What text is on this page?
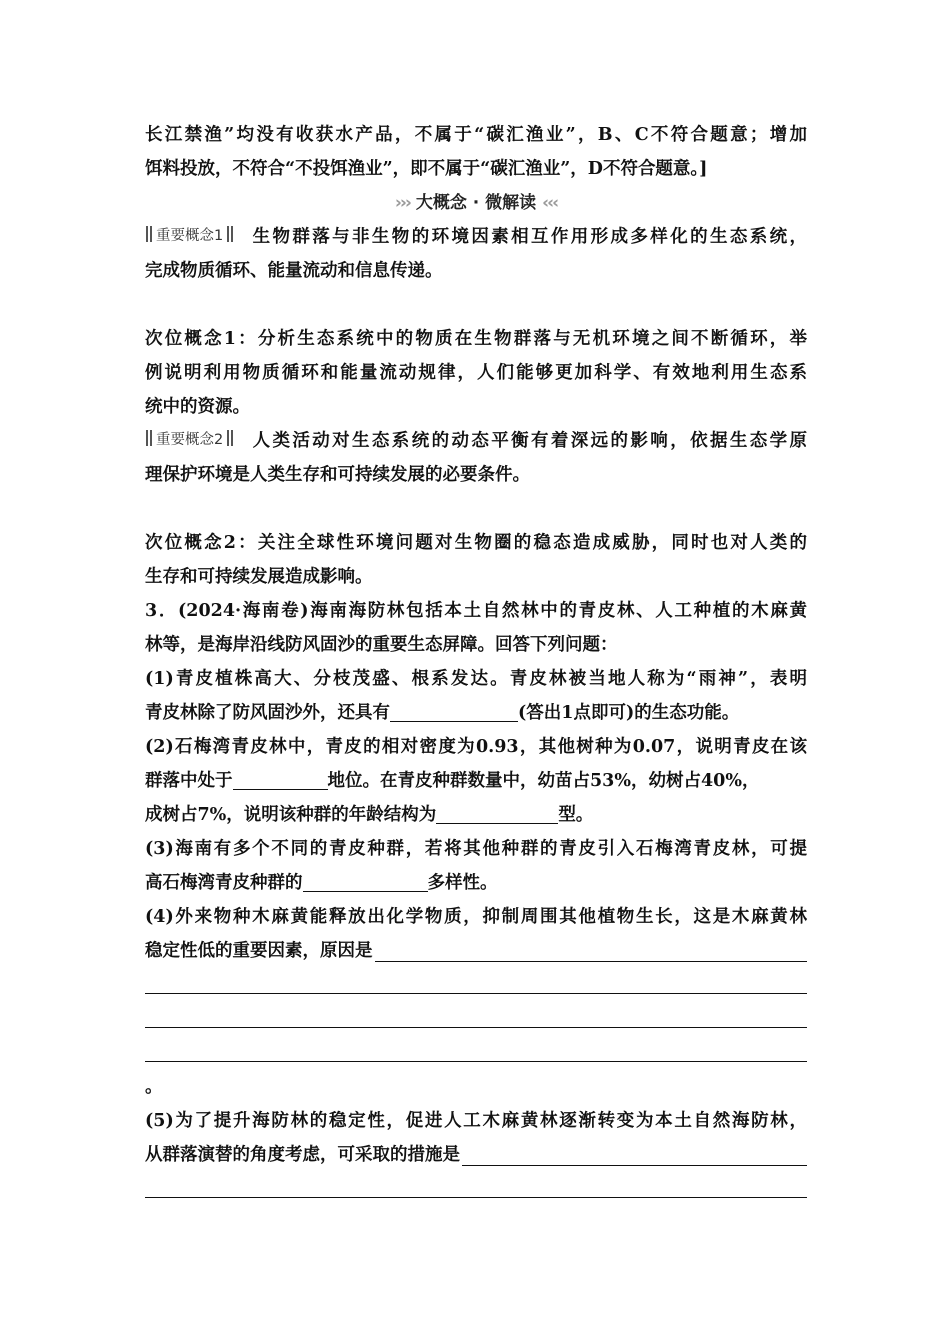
长江禁渔”均没有收获水产品，不属于“碳汇渔业”，B、C不符合题意；增加
饵料投放，不符合“不投饵渔业”，即不属于“碳汇渔业”，D不符合题意。]
››› 大概念 · 微解读 ‹‹‹
重要概念1 生物群落与非生物的环境因素相互作用形成多样化的生态系统，
完成物质循环、能量流动和信息传递。
次位概念1：分析生态系统中的物质在生物群落与无机环境之间不断循环，举
例说明利用物质循环和能量流动规律，人们能够更加科学、有效地利用生态系
统中的资源。
重要概念2 人类活动对生态系统的动态平衡有着深远的影响，依据生态学原
理保护环境是人类生存和可持续发展的必要条件。
次位概念2：关注全球性环境问题对生物圈的稳态造成威胁，同时也对人类的
生存和可持续发展造成影响。
3．(2024·海南卷)海南海防林包括本土自然林中的青皮林、人工种植的木麻黄
林等，是海岸沿线防风固沙的重要生态屏障。回答下列问题：
(1)青皮植株高大、分枝茂盛、根系发达。青皮林被当地人称为“雨神”，表明
青皮林除了防风固沙外，还具有	(答出1点即可)的生态功能。
(2)石梅湾青皮林中，青皮的相对密度为0.93，其他树种为0.07，说明青皮在该
群落中处于	地位。在青皮种群数量中，幼苗占53%，幼树占40%，
成树占7%，说明该种群的年龄结构为	型。
(3)海南有多个不同的青皮种群，若将其他种群的青皮引入石梅湾青皮林，可提
高石梅湾青皮种群的	多样性。
(4)外来物种木麻黄能释放出化学物质，抑制周围其他植物生长，这是木麻黄林
稳定性低的重要因素，原因是
。
(5)为了提升海防林的稳定性，促进人工木麻黄林逐渐转变为本土自然海防林，
从群落演替的角度考虑，可采取的措施是
